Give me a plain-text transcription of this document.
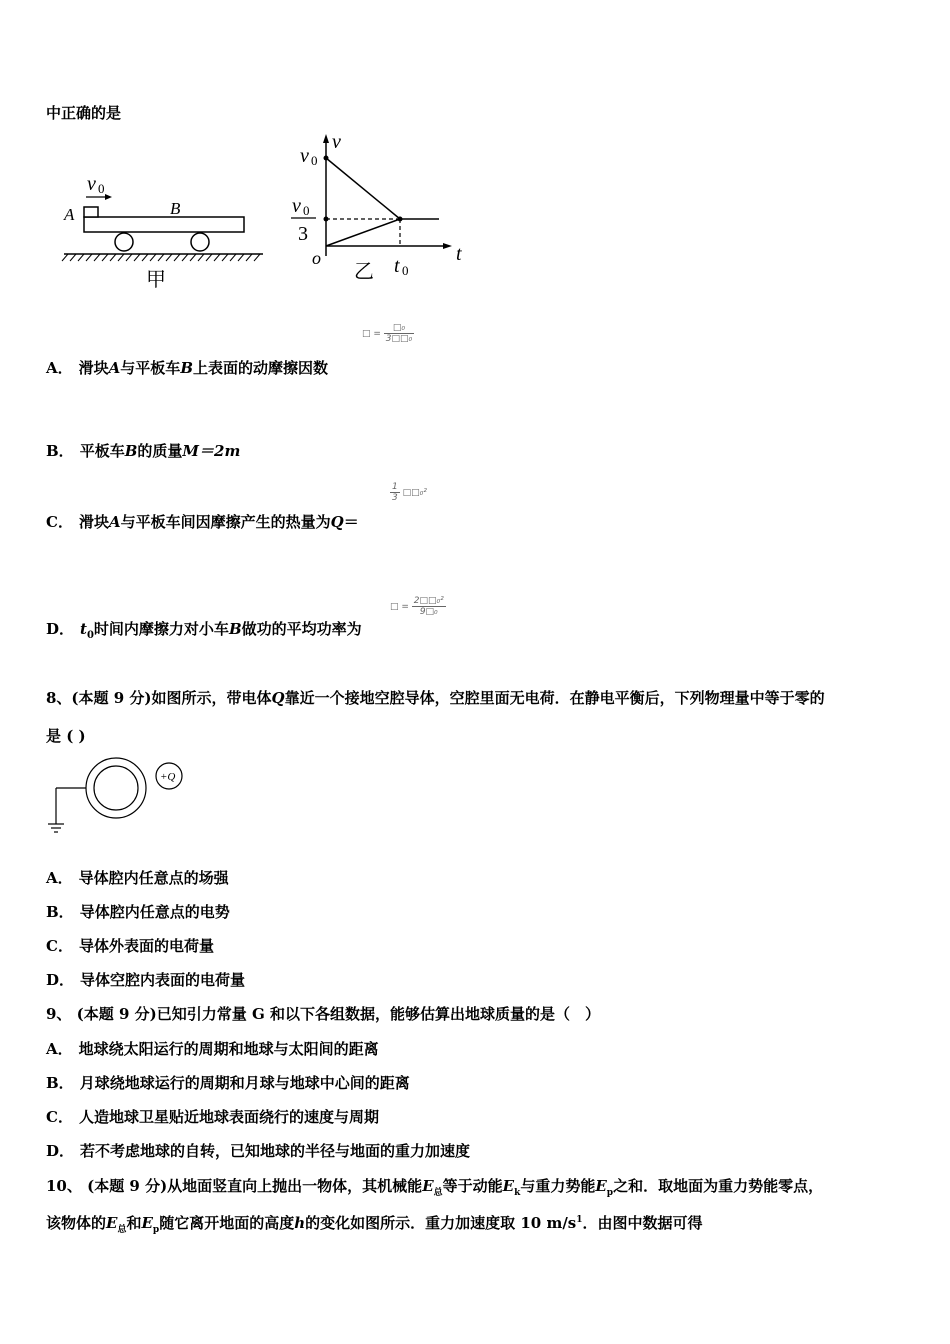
中正确的是
v 0
A	B
甲
v
v 0
v 0
3
o
乙 t 0
t
□ = $\frac{\text{□₀}}{\text{3□□₀}}$
A． 滑块A与平板车B上表面的动摩擦因数
B． 平板车B的质量M＝2m
$\frac{1}{3}$ □□₀²
C． 滑块A与平板车间因摩擦产生的热量为Q＝
D． $t_0$时间内摩擦力对小车B做功的平均功率为
□ = $\frac{\text{2□□₀²}}{\text{9□₀}}$
8、(本题 9 分)如图所示，带电体Q靠近一个接地空腔导体，空腔里面无电荷．在静电平衡后，下列物理量中等于零的
是 ( )
+Q
A． 导体腔内任意点的场强
B． 导体腔内任意点的电势
C． 导体外表面的电荷量
D． 导体空腔内表面的电荷量
9、 (本题 9 分)已知引力常量 G 和以下各组数据，能够估算出地球质量的是（　）
A． 地球绕太阳运行的周期和地球与太阳间的距离
B． 月球绕地球运行的周期和月球与地球中心间的距离
C． 人造地球卫星贴近地球表面绕行的速度与周期
D． 若不考虑地球的自转，已知地球的半径与地面的重力加速度
10、 (本题 9 分)从地面竖直向上抛出一物体，其机械能$E_总$等于动能$E_k$与重力势能$E_p$之和．取地面为重力势能零点，
该物体的$E_总$和$E_p$随它离开地面的高度h的变化如图所示．重力加速度取 10 $m/s^1$．由图中数据可得
